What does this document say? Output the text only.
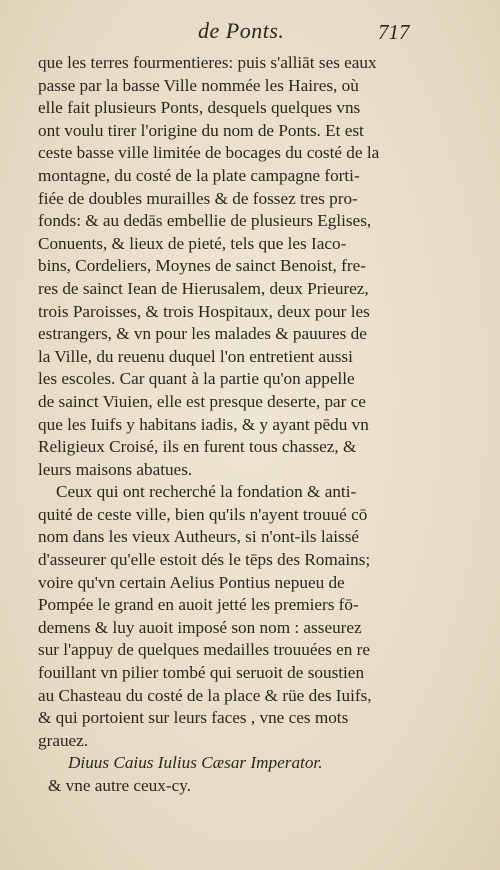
de Ponts.	717
que les terres fourmentieres: puis s'alliāt ses eaux
passe par la basse Ville nommée les Haires, où
elle fait plusieurs Ponts, desquels quelques vns
ont voulu tirer l'origine du nom de Ponts. Et est
ceste basse ville limitée de bocages du costé de la
montagne, du costé de la plate campagne forti-
fiée de doubles murailles & de fossez tres pro-
fonds: & au dedās embellie de plusieurs Eglises,
Conuents, & lieux de pieté, tels que les Iaco-
bins, Cordeliers, Moynes de sainct Benoist, fre-
res de sainct Iean de Hierusalem, deux Prieurez,
trois Paroisses, & trois Hospitaux, deux pour les
estrangers, & vn pour les malades & pauures de
la Ville, du reuenu duquel l'on entretient aussi
les escoles. Car quant à la partie qu'on appelle
de sainct Viuien, elle est presque deserte, par ce
que les Iuifs y habitans iadis, & y ayant pēdu vn
Religieux Croisé, ils en furent tous chassez, &
leurs maisons abatues.
Ceux qui ont recherché la fondation & anti-
quité de ceste ville, bien qu'ils n'ayent trouué cō
nom dans les vieux Autheurs, si n'ont-ils laissé
d'asseurer qu'elle estoit dés le tēps des Romains;
voire qu'vn certain Aelius Pontius nepueu de
Pompée le grand en auoit jetté les premiers fō-
demens & luy auoit imposé son nom : asseurez
sur l'appuy de quelques medailles trouuées en re
fouillant vn pilier tombé qui seruoit de soustien
au Chasteau du costé de la place & rüe des Iuifs,
& qui portoient sur leurs faces , vne ces mots
grauez.
Diuus Caius Iulius Cæsar Imperator.
& vne autre ceux-cy.
